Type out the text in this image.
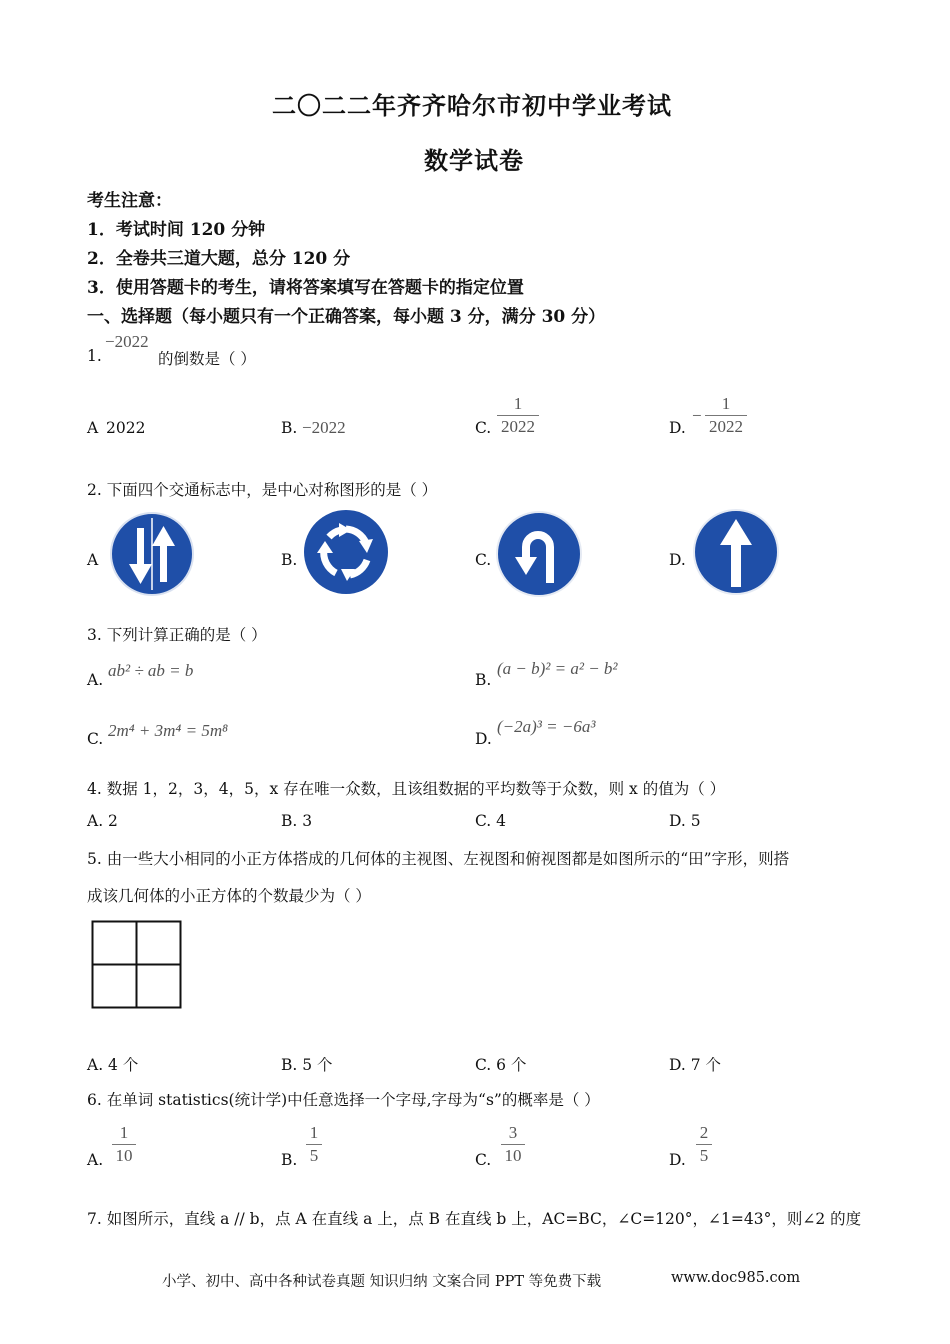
二〇二二年齐齐哈尔市初中学业考试
数学试卷
考生注意：
1．考试时间 120 分钟
2．全卷共三道大题，总分 120 分
3．使用答题卡的考生，请将答案填写在答题卡的指定位置
一、选择题（每小题只有一个正确答案，每小题 3 分，满分 30 分）
1.
−2022
的倒数是（ ）
A 2022	B. −2022	C.
1
2022	D.
−
1
2022
2. 下面四个交通标志中，是中心对称图形的是（ ）
A	B.	C.	D.
3. 下列计算正确的是（ ）
A. ab² ÷ ab = b	B.
(a − b)² = a² − b²
C. 2m⁴ + 3m⁴ = 5m⁸	D.
(−2a)³ = −6a³
4. 数据 1，2，3，4，5，x 存在唯一众数，且该组数据的平均数等于众数，则 x 的值为（ ）
A. 2	B. 3	C. 4	D. 5
5. 由一些大小相同的小正方体搭成的几何体的主视图、左视图和俯视图都是如图所示的“田”字形，则搭
成该几何体的小正方体的个数最少为（ ）
A. 4 个	B. 5 个	C. 6 个	D. 7 个
6. 在单词 statistics(统计学)中任意选择一个字母,字母为“s”的概率是（ ）
A.
1
10	B.
1
5	C.
3
10	D.
2
5
7. 如图所示，直线 a // b，点 A 在直线 a 上，点 B 在直线 b 上，AC=BC，∠C=120°，∠1=43°，则∠2 的度
小学、初中、高中各种试卷真题 知识归纳 文案合同 PPT 等免费下载	www.doc985.com
